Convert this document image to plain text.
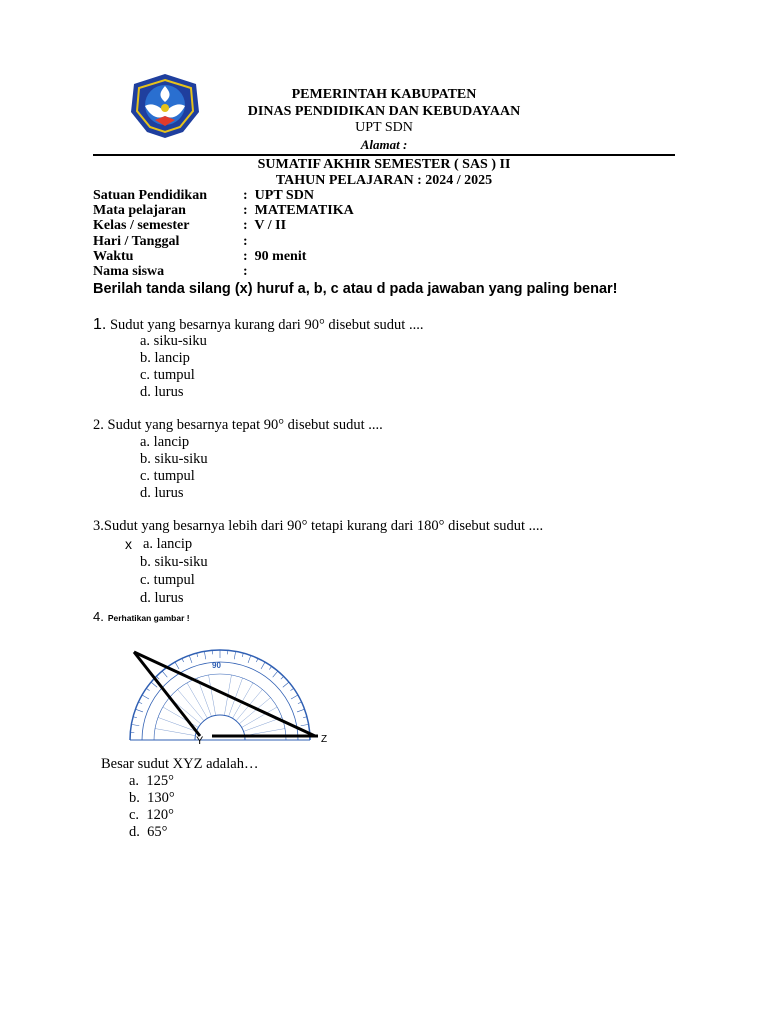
PEMERINTAH KABUPATEN
DINAS PENDIDIKAN DAN KEBUDAYAAN
UPT SDN
Alamat :
SUMATIF AKHIR SEMESTER ( SAS ) II
TAHUN PELAJARAN : 2024 / 2025
Satuan Pendidikan	: UPT SDN
Mata pelajaran	: MATEMATIKA
Kelas / semester	: V / II
Hari / Tanggal	:
Waktu	: 90 menit
Nama siswa	:
Berilah tanda silang (x) huruf a, b, c atau d pada jawaban yang paling benar!
1. Sudut yang besarnya kurang dari 90° disebut sudut ....
a. siku-siku
b. lancip
c. tumpul
d. lurus
2. Sudut yang besarnya tepat 90° disebut sudut ....
a. lancip
b. siku-siku
c. tumpul
d. lurus
3.Sudut yang besarnya lebih dari 90° tetapi kurang dari 180° disebut sudut ....
x a. lancip
b. siku-siku
c. tumpul
d. lurus
4. Perhatikan gambar !
90
Y	Z
Besar sudut XYZ adalah…
a. 125°
b. 130°
c. 120°
d. 65°
